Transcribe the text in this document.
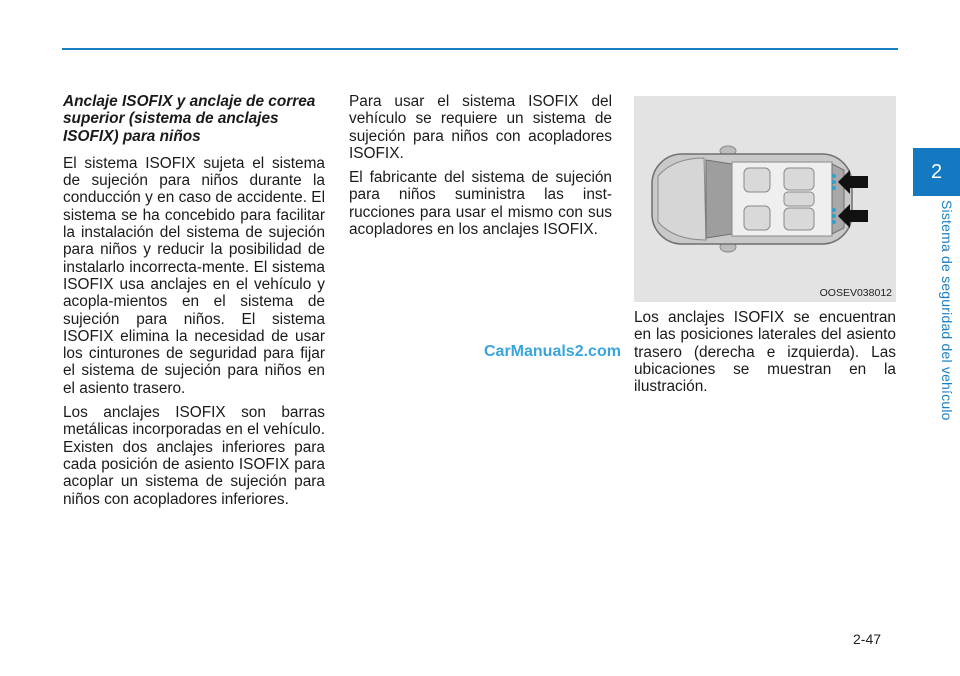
2
Sistema de seguridad del vehículo
Anclaje ISOFIX y anclaje de correa superior (sistema de anclajes ISOFIX) para niños

El sistema ISOFIX sujeta el sistema de sujeción para niños durante la conducción y en caso de accidente. El sistema se ha concebido para facilitar la instalación del sistema de sujeción para niños y reducir la posibilidad de instalarlo incorrecta-mente. El sistema ISOFIX usa anclajes en el vehículo y acopla-mientos en el sistema de sujeción para niños. El sistema ISOFIX elimina la necesidad de usar los cinturones de seguridad para fijar el sistema de sujeción para niños en el asiento trasero.

Los anclajes ISOFIX son barras metálicas incorporadas en el vehículo. Existen dos anclajes inferiores para cada posición de asiento ISOFIX para acoplar un sistema de sujeción para niños con acopladores inferiores.

Para usar el sistema ISOFIX del vehículo se requiere un sistema de sujeción para niños con acopladores ISOFIX.

El fabricante del sistema de sujeción para niños suministra las inst-rucciones para usar el mismo con sus acopladores en los anclajes ISOFIX.

OOSEV038012

Los anclajes ISOFIX se encuentran en las posiciones laterales del asiento trasero (derecha e izquierda). Las ubicaciones se muestran en la ilustración.

CarManuals2.com
2-47
